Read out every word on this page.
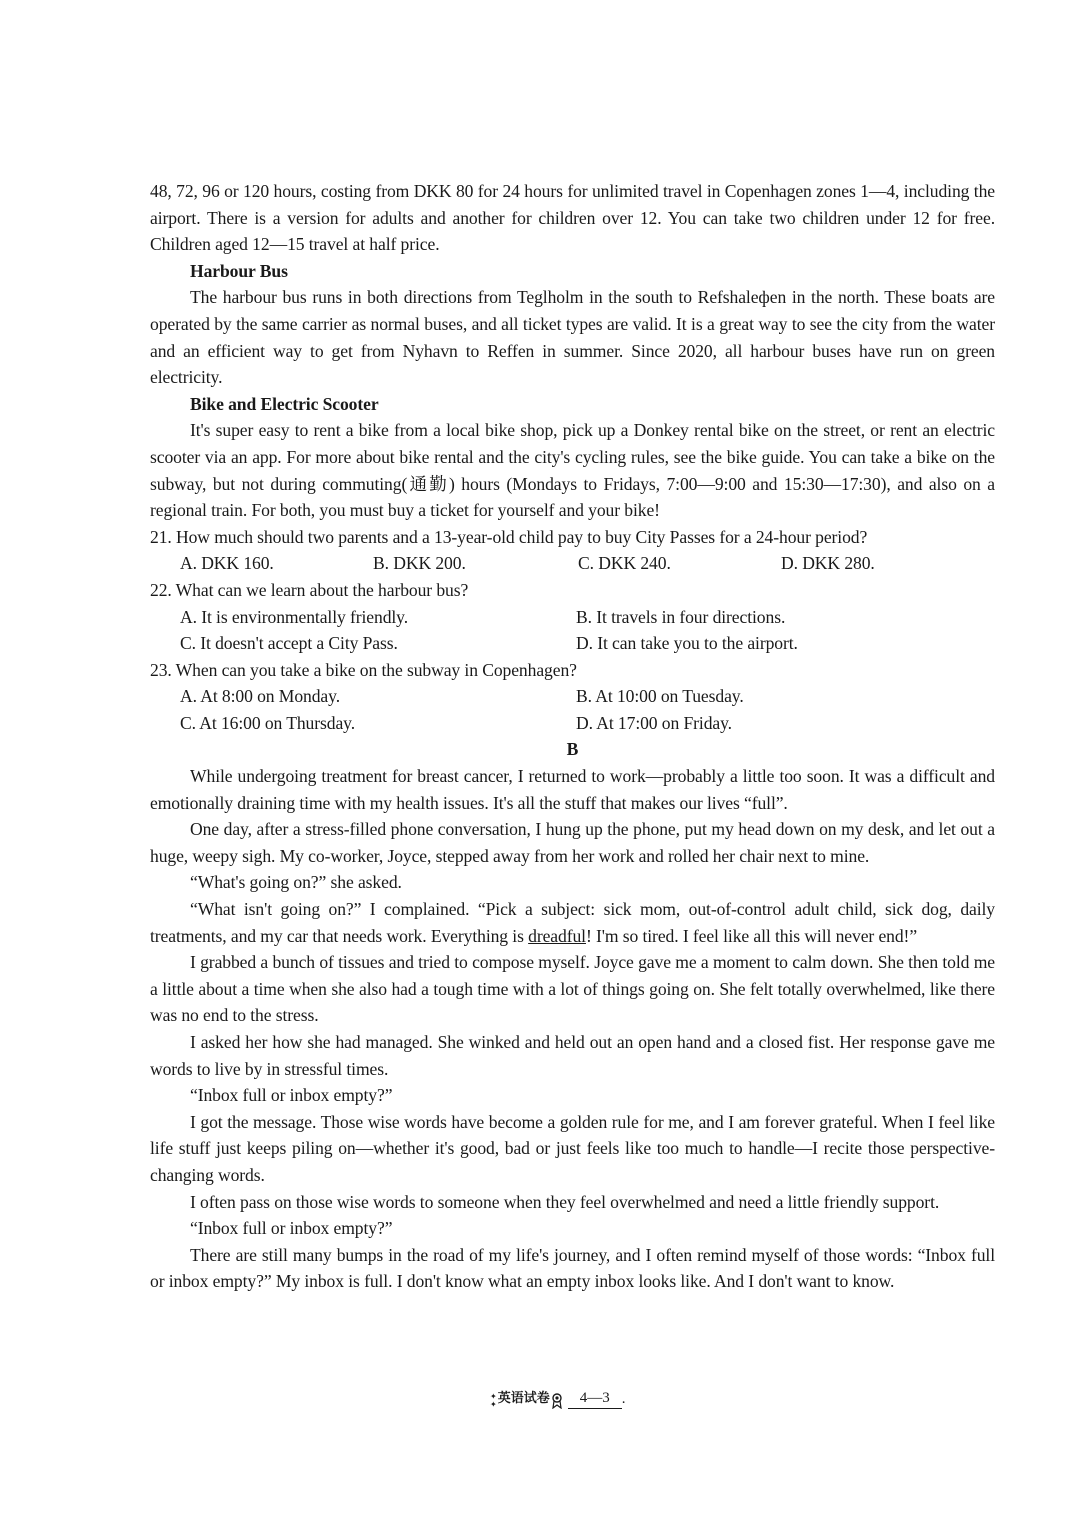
48, 72, 96 or 120 hours, costing from DKK 80 for 24 hours for unlimited travel in Copenhagen zones 1—4, including the airport. There is a version for adults and another for children over 12. You can take two children under 12 for free. Children aged 12—15 travel at half price.

Harbour Bus

The harbour bus runs in both directions from Teglholm in the south to Refshaleфen in the north. These boats are operated by the same carrier as normal buses, and all ticket types are valid. It is a great way to see the city from the water and an efficient way to get from Nyhavn to Reffen in summer. Since 2020, all harbour buses have run on green electricity.

Bike and Electric Scooter

It's super easy to rent a bike from a local bike shop, pick up a Donkey rental bike on the street, or rent an electric scooter via an app. For more about bike rental and the city's cycling rules, see the bike guide. You can take a bike on the subway, but not during commuting(通勤) hours (Mondays to Fridays, 7:00—9:00 and 15:30—17:30), and also on a regional train. For both, you must buy a ticket for yourself and your bike!

21. How much should two parents and a 13-year-old child pay to buy City Passes for a 24-hour period?

A. DKK 160.	B. DKK 200.	C. DKK 240.	D. DKK 280.

22. What can we learn about the harbour bus?

A. It is environmentally friendly.	B. It travels in four directions.
C. It doesn't accept a City Pass.	D. It can take you to the airport.

23. When can you take a bike on the subway in Copenhagen?

A. At 8:00 on Monday.	B. At 10:00 on Tuesday.
C. At 16:00 on Thursday.	D. At 17:00 on Friday.

B

While undergoing treatment for breast cancer, I returned to work—probably a little too soon. It was a difficult and emotionally draining time with my health issues. It's all the stuff that makes our lives “full”.

One day, after a stress-filled phone conversation, I hung up the phone, put my head down on my desk, and let out a huge, weepy sigh. My co-worker, Joyce, stepped away from her work and rolled her chair next to mine.

“What's going on?” she asked.

“What isn't going on?” I complained. “Pick a subject: sick mom, out-of-control adult child, sick dog, daily treatments, and my car that needs work. Everything is dreadful! I'm so tired. I feel like all this will never end!”

I grabbed a bunch of tissues and tried to compose myself. Joyce gave me a moment to calm down. She then told me a little about a time when she also had a tough time with a lot of things going on. She felt totally overwhelmed, like there was no end to the stress.

I asked her how she had managed. She winked and held out an open hand and a closed fist. Her response gave me words to live by in stressful times.

“Inbox full or inbox empty?”

I got the message. Those wise words have become a golden rule for me, and I am forever grateful. When I feel like life stuff just keeps piling on—whether it's good, bad or just feels like too much to handle—I recite those perspective-changing words.

I often pass on those wise words to someone when they feel overwhelmed and need a little friendly support.

“Inbox full or inbox empty?”

There are still many bumps in the road of my life's journey, and I often remind myself of those words: “Inbox full or inbox empty?” My inbox is full. I don't know what an empty inbox looks like. And I don't want to know.

✦
✦ 英语试卷	4—3 .
